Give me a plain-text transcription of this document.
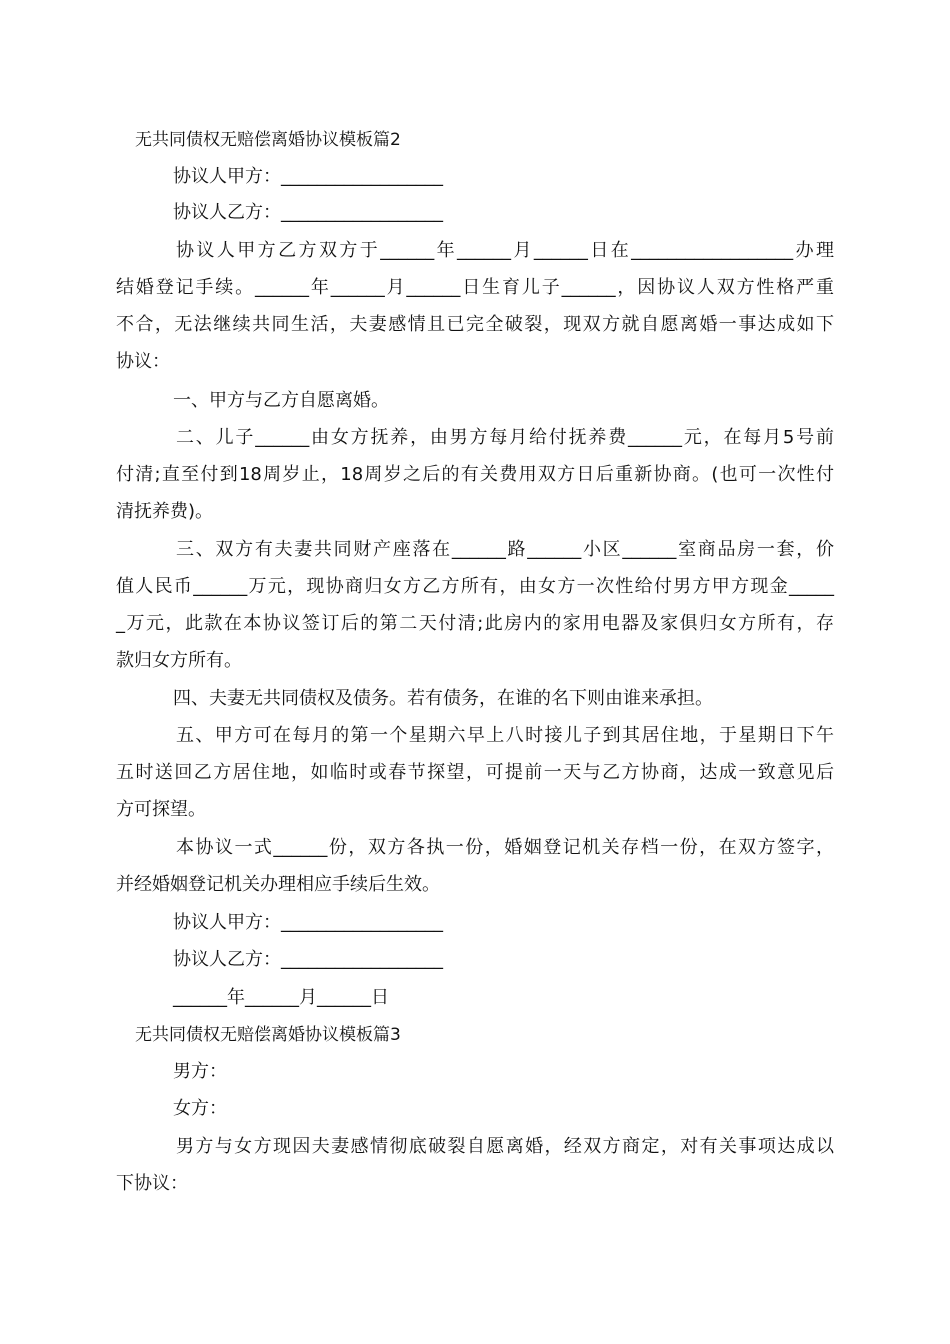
无共同债权无赔偿离婚协议模板篇2
协议人甲方：__________________
协议人乙方：__________________
协议人甲方乙方双方于______年______月______日在__________________办理
结婚登记手续。______年______月______日生育儿子______，因协议人双方性格严重
不合，无法继续共同生活，夫妻感情且已完全破裂，现双方就自愿离婚一事达成如下
协议：
一、甲方与乙方自愿离婚。
二、儿子______由女方抚养，由男方每月给付抚养费______元，在每月5号前
付清;直至付到18周岁止，18周岁之后的有关费用双方日后重新协商。(也可一次性付
清抚养费)。
三、双方有夫妻共同财产座落在______路______小区______室商品房一套，价
值人民币______万元，现协商归女方乙方所有，由女方一次性给付男方甲方现金_____
_万元，此款在本协议签订后的第二天付清;此房内的家用电器及家俱归女方所有，存
款归女方所有。
四、夫妻无共同债权及债务。若有债务，在谁的名下则由谁来承担。
五、甲方可在每月的第一个星期六早上八时接儿子到其居住地，于星期日下午
五时送回乙方居住地，如临时或春节探望，可提前一天与乙方协商，达成一致意见后
方可探望。
本协议一式______份，双方各执一份，婚姻登记机关存档一份，在双方签字，
并经婚姻登记机关办理相应手续后生效。
协议人甲方：__________________
协议人乙方：__________________
______年______月______日
无共同债权无赔偿离婚协议模板篇3
男方：
女方：
男方与女方现因夫妻感情彻底破裂自愿离婚，经双方商定，对有关事项达成以
下协议：
